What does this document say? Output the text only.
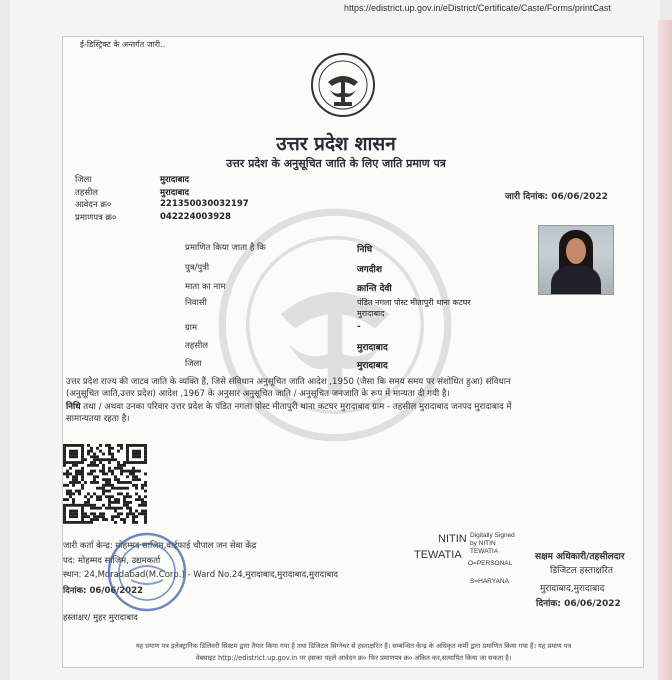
https://edistrict.up.gov.in/eDistrict/Certificate/Caste/Forms/printCast
ई-डिस्ट्रिक्ट के अन्तर्गत जारी..
उत्तर प्रदेश शासन
उत्तर प्रदेश के अनुसूचित जाति के लिए जाति प्रमाण पत्र
जिला	मुरादाबाद
तहसील	मुरादाबाद
आवेदन क्र०	221350030032197
प्रमाणपत्र क्र०	042224003928
जारी दिनांक: 06/06/2022
प्रमाणित किया जाता है कि	निधि
पुत्र/पुत्री	जगदीश
माता का नाम	क्रान्ति देवी
निवासी	पंडित नगला पोस्ट मीतापुरी थाना कटघर
मुरादाबाद
ग्राम	-
तहसील	मुरादाबाद
जिला	मुरादाबाद
उत्तर प्रदेश राज्य की जाटव जाति के व्यक्ति हैं, जिसे संविधान अनुसूचित जाति आदेश ,1950 (जैसा कि समय समय पर संशोधित हुआ) संविधान
(अनुसूचित जाति,उत्तर प्रदेश) आदेश ,1967 के अनुसार अनुसूचित जाति / अनुसूचित जनजाति के रूप में मान्यता दी गयी है।
निधि तथा / अथवा उनका परिवार उत्तर प्रदेश के पंडित नगला पोस्ट मीतापुरी थाना कटघर मुरादाबाद ग्राम - तहसील मुरादाबाद जनपद मुरादाबाद में
सामान्यतया रहता है।
जारी कर्ता केन्द्र: मोहम्मद साजिम,वाईफाई चौपाल जन सेवा केंद्र
पद: मोहम्मद साजिम, उद्यमकर्ता
स्थान: 24,Moradabad(M.Corp.) - Ward No.24,मुरादाबाद,मुरादाबाद,मुरादाबाद
दिनांक: 06/06/2022
हस्ताक्षर/ मुहर मुरादाबाद
NITIN
TEWATIA
Digitally Signed
by NITIN
TEWATIA
O=PERSONAL
S=HARYANA
सक्षम अधिकारी/तहसीलदार
डिजिटल हस्ताक्षरित
मुरादाबाद,मुरादाबाद
दिनांक: 06/06/2022
यह प्रमाण पत्र इलेक्ट्रानिक डिलिवरी सिस्टम द्वारा तैयार किया गया है तथा डिजिटल सिग्नेचर से हस्ताक्षरित है। सम्बन्धित केन्द्र के अधिकृत कर्मी द्वारा प्रमाणित किया गया है। यह प्रमाण पत्र
वेबसाइट http://edistrict.up.gov.in पर इसका पहले आवेदन क्र० फिर प्रमाणपत्र क्र० अंकित कर,सत्यापित किया जा सकता है।
